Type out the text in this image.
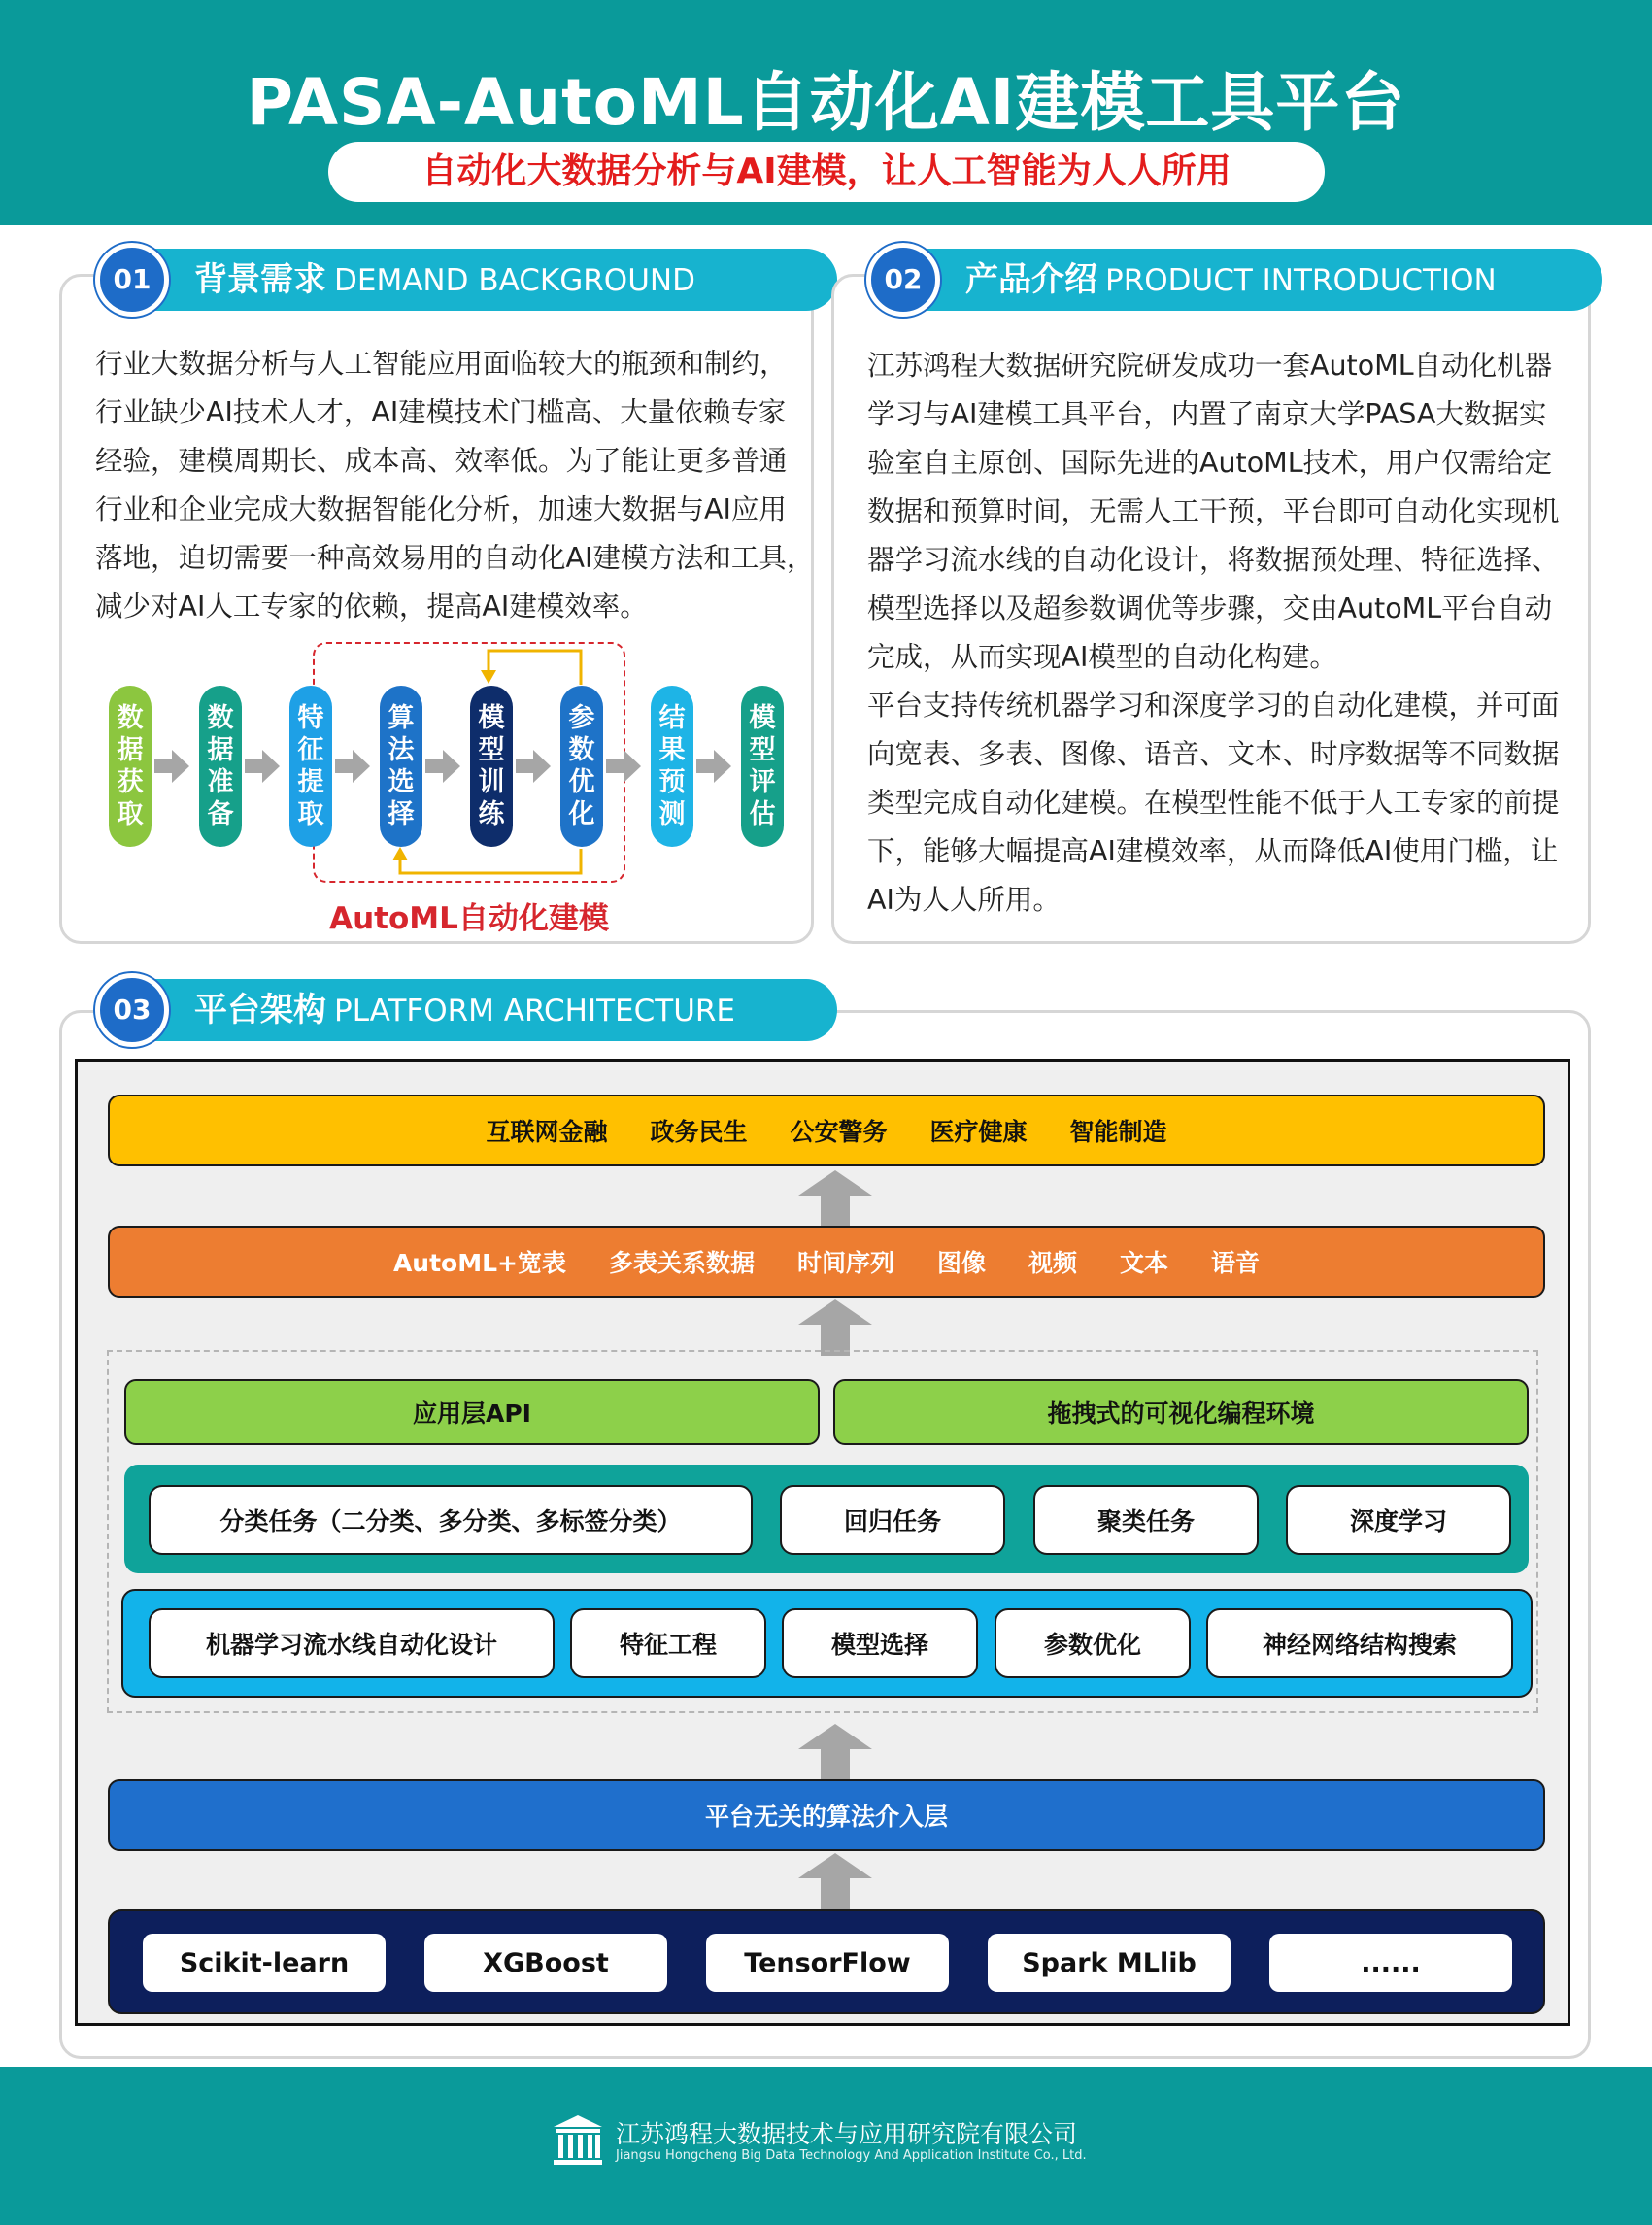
PASA-AutoML自动化AI建模工具平台
自动化大数据分析与AI建模，让人工智能为人人所用
背景需求 DEMAND BACKGROUND
01
行业大数据分析与人工智能应用面临较大的瓶颈和制约，
行业缺少AI技术人才，AI建模技术门槛高、大量依赖专家
经验，建模周期长、成本高、效率低。为了能让更多普通
行业和企业完成大数据智能化分析，加速大数据与AI应用
落地，迫切需要一种高效易用的自动化AI建模方法和工具，
减少对AI人工专家的依赖，提高AI建模效率。
数据获取
数据准备
特征提取
算法选择
模型训练
参数优化
结果预测
模型评估
AutoML自动化建模
产品介绍 PRODUCT INTRODUCTION
02
江苏鸿程大数据研究院研发成功一套AutoML自动化机器
学习与AI建模工具平台，内置了南京大学PASA大数据实
验室自主原创、国际先进的AutoML技术，用户仅需给定
数据和预算时间，无需人工干预，平台即可自动化实现机
器学习流水线的自动化设计，将数据预处理、特征选择、
模型选择以及超参数调优等步骤，交由AutoML平台自动
完成，从而实现AI模型的自动化构建。
平台支持传统机器学习和深度学习的自动化建模，并可面
向宽表、多表、图像、语音、文本、时序数据等不同数据
类型完成自动化建模。在模型性能不低于人工专家的前提
下，能够大幅提高AI建模效率，从而降低AI使用门槛，让
AI为人人所用。
平台架构 PLATFORM ARCHITECTURE
03
互联网金融 政务民生 公安警务 医疗健康 智能制造
AutoML+宽表 多表关系数据 时间序列 图像 视频 文本 语音
应用层API	拖拽式的可视化编程环境
分类任务（二分类、多分类、多标签分类）	回归任务	聚类任务	深度学习
机器学习流水线自动化设计	特征工程	模型选择	参数优化	神经网络结构搜索
平台无关的算法介入层
Scikit-learn	XGBoost	TensorFlow	Spark MLlib	......
江苏鸿程大数据技术与应用研究院有限公司
Jiangsu Hongcheng Big Data Technology And Application Institute Co., Ltd.
